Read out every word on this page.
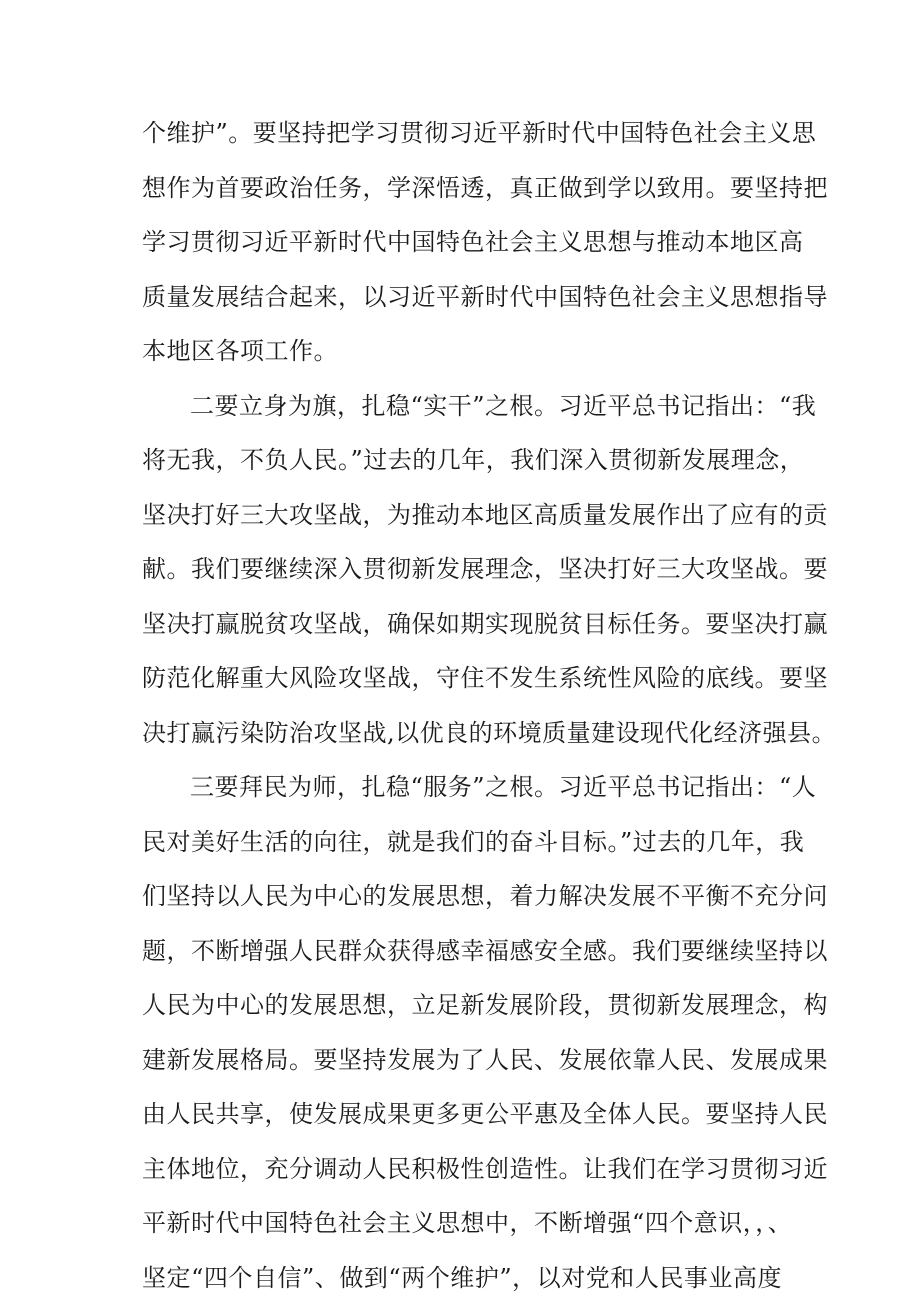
个维护”。要坚持把学习贯彻习近平新时代中国特色社会主义思
想作为首要政治任务，学深悟透，真正做到学以致用。要坚持把
学习贯彻习近平新时代中国特色社会主义思想与推动本地区高
质量发展结合起来，以习近平新时代中国特色社会主义思想指导
本地区各项工作。
二要立身为旗，扎稳“实干”之根。习近平总书记指出：“我
将无我，不负人民。”过去的几年，我们深入贯彻新发展理念，
坚决打好三大攻坚战，为推动本地区高质量发展作出了应有的贡
献。我们要继续深入贯彻新发展理念，坚决打好三大攻坚战。要
坚决打赢脱贫攻坚战，确保如期实现脱贫目标任务。要坚决打赢
防范化解重大风险攻坚战，守住不发生系统性风险的底线。要坚
决打赢污染防治攻坚战,以优良的环境质量建设现代化经济强县。
三要拜民为师，扎稳“服务”之根。习近平总书记指出：“人
民对美好生活的向往，就是我们的奋斗目标。”过去的几年，我
们坚持以人民为中心的发展思想，着力解决发展不平衡不充分问
题，不断增强人民群众获得感幸福感安全感。我们要继续坚持以
人民为中心的发展思想，立足新发展阶段，贯彻新发展理念，构
建新发展格局。要坚持发展为了人民、发展依靠人民、发展成果
由人民共享，使发展成果更多更公平惠及全体人民。要坚持人民
主体地位，充分调动人民积极性创造性。让我们在学习贯彻习近
平新时代中国特色社会主义思想中，不断增强“四个意识，，、
坚定“四个自信”、做到“两个维护”，以对党和人民事业高度
